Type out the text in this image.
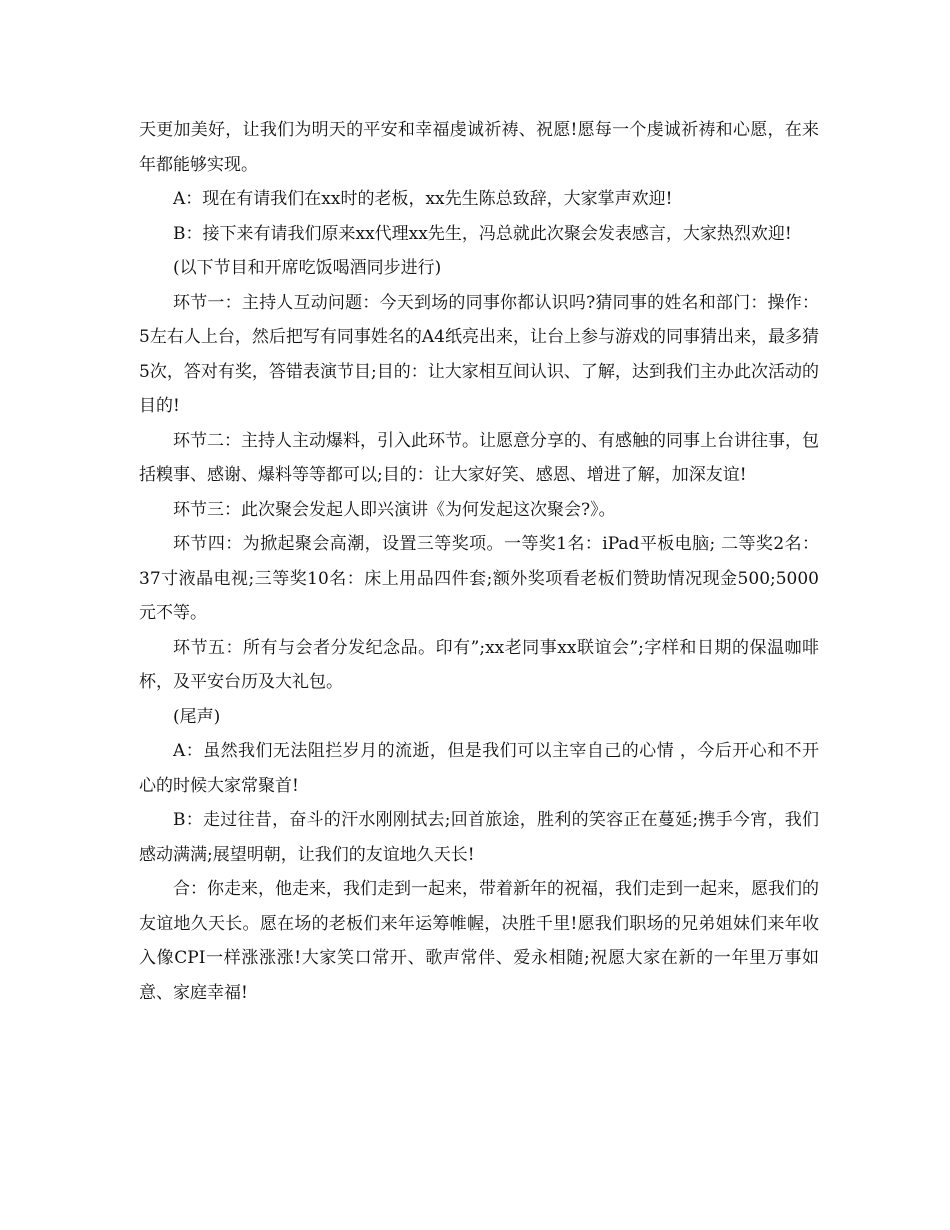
天更加美好，让我们为明天的平安和幸福虔诚祈祷、祝愿!愿每一个虔诚祈祷和心愿，在来年都能够实现。

A：现在有请我们在xx时的老板，xx先生陈总致辞，大家掌声欢迎!

B：接下来有请我们原来xx代理xx先生，冯总就此次聚会发表感言，大家热烈欢迎!

(以下节目和开席吃饭喝酒同步进行)

环节一：主持人互动问题：今天到场的同事你都认识吗?猜同事的姓名和部门：操作：5左右人上台，然后把写有同事姓名的A4纸亮出来，让台上参与游戏的同事猜出来，最多猜5次，答对有奖，答错表演节目;目的：让大家相互间认识、了解，达到我们主办此次活动的目的!

环节二：主持人主动爆料，引入此环节。让愿意分享的、有感触的同事上台讲往事，包括糗事、感谢、爆料等等都可以;目的：让大家好笑、感恩、增进了解，加深友谊!

环节三：此次聚会发起人即兴演讲《为何发起这次聚会?》。

环节四：为掀起聚会高潮，设置三等奖项。一等奖1名：iPad平板电脑; 二等奖2名： 37寸液晶电视;三等奖10名：床上用品四件套;额外奖项看老板们赞助情况现金500;5000元不等。

环节五：所有与会者分发纪念品。印有”;xx老同事xx联谊会”;字样和日期的保温咖啡杯，及平安台历及大礼包。

(尾声)

A：虽然我们无法阻拦岁月的流逝，但是我们可以主宰自己的心情 ，今后开心和不开心的时候大家常聚首!

B：走过往昔，奋斗的汗水刚刚拭去;回首旅途，胜利的笑容正在蔓延;携手今宵，我们感动满满;展望明朝，让我们的友谊地久天长!

合：你走来，他走来，我们走到一起来，带着新年的祝福，我们走到一起来，愿我们的友谊地久天长。愿在场的老板们来年运筹帷幄，决胜千里!愿我们职场的兄弟姐妹们来年收入像CPI一样涨涨涨!大家笑口常开、歌声常伴、爱永相随;祝愿大家在新的一年里万事如意、家庭幸福!
